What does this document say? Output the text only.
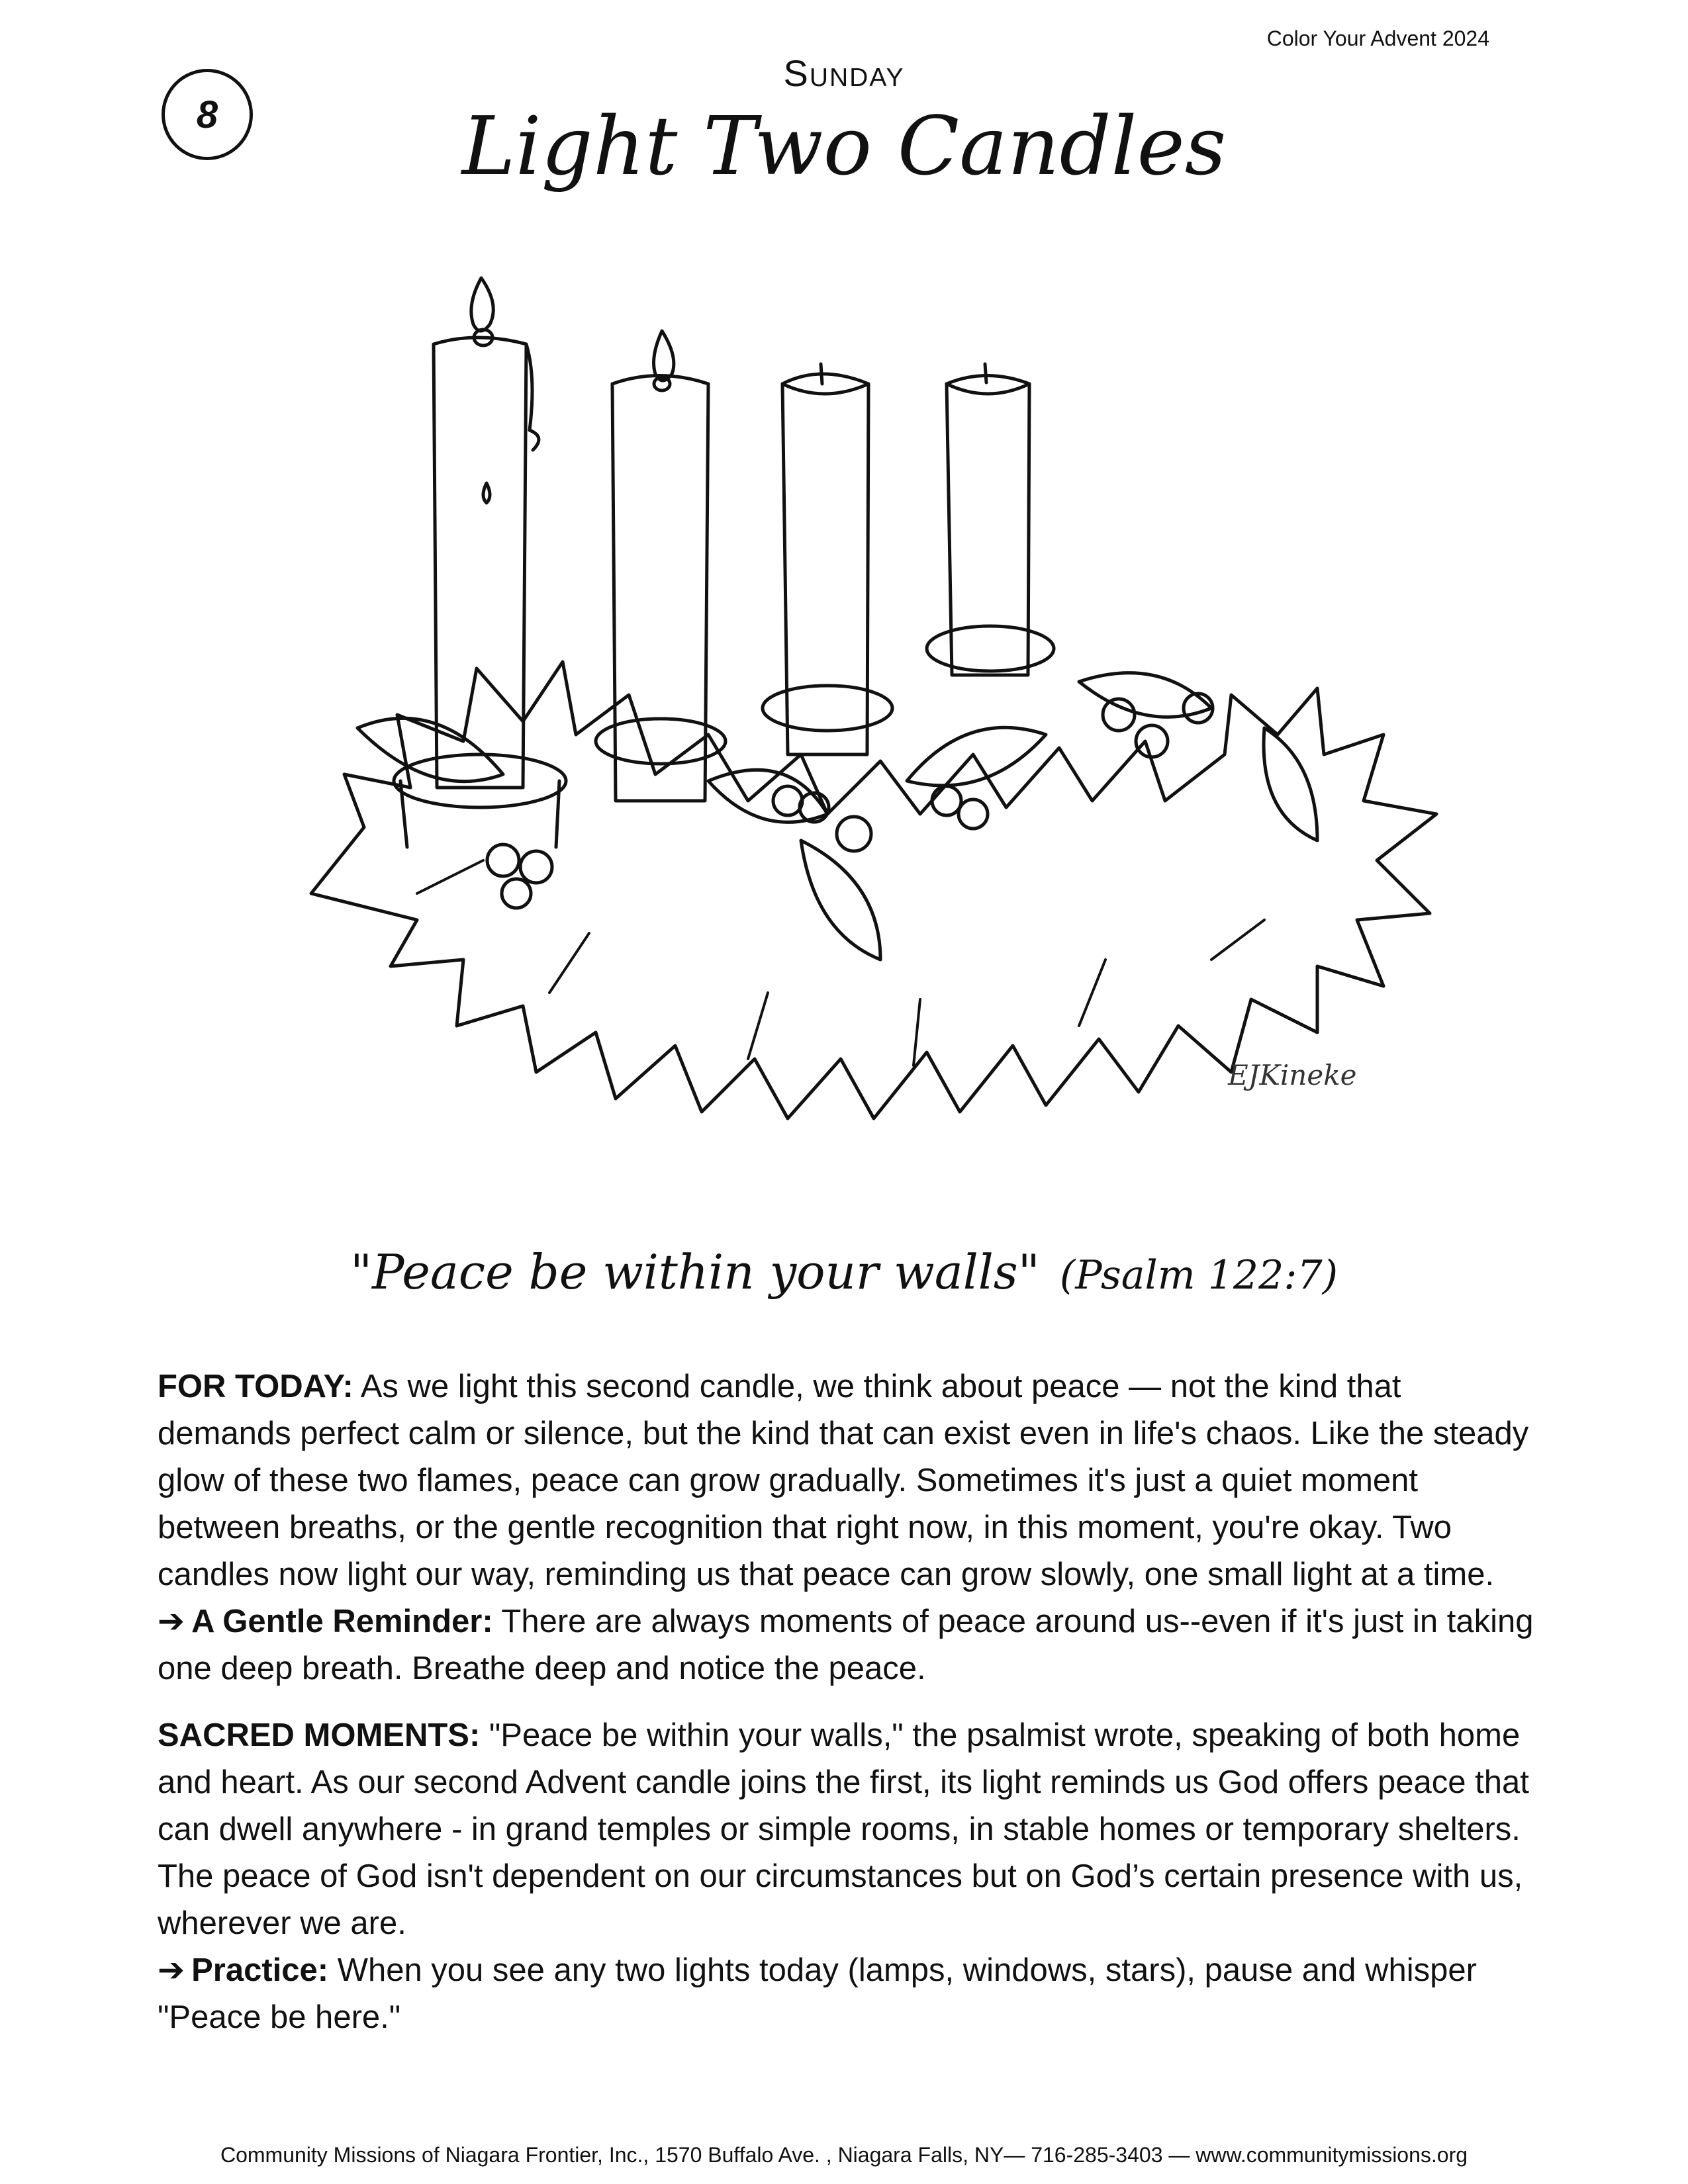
Color Your Advent 2024
8
Sunday
Light Two Candles
EJKineke
"Peace be within your walls" (Psalm 122:7)

FOR TODAY: As we light this second candle, we think about peace — not the kind that demands perfect calm or silence, but the kind that can exist even in life's chaos. Like the steady glow of these two flames, peace can grow gradually. Sometimes it's just a quiet moment between breaths, or the gentle recognition that right now, in this moment, you're okay. Two candles now light our way, reminding us that peace can grow slowly, one small light at a time.

➔ A Gentle Reminder: There are always moments of peace around us--even if it's just in taking one deep breath. Breathe deep and notice the peace.

SACRED MOMENTS: "Peace be within your walls," the psalmist wrote, speaking of both home and heart. As our second Advent candle joins the first, its light reminds us God offers peace that can dwell anywhere - in grand temples or simple rooms, in stable homes or temporary shelters. The peace of God isn't dependent on our circumstances but on God’s certain presence with us, wherever we are.

➔ Practice: When you see any two lights today (lamps, windows, stars), pause and whisper "Peace be here."

Community Missions of Niagara Frontier, Inc., 1570 Buffalo Ave. , Niagara Falls, NY— 716-285-3403 — www.communitymissions.org
